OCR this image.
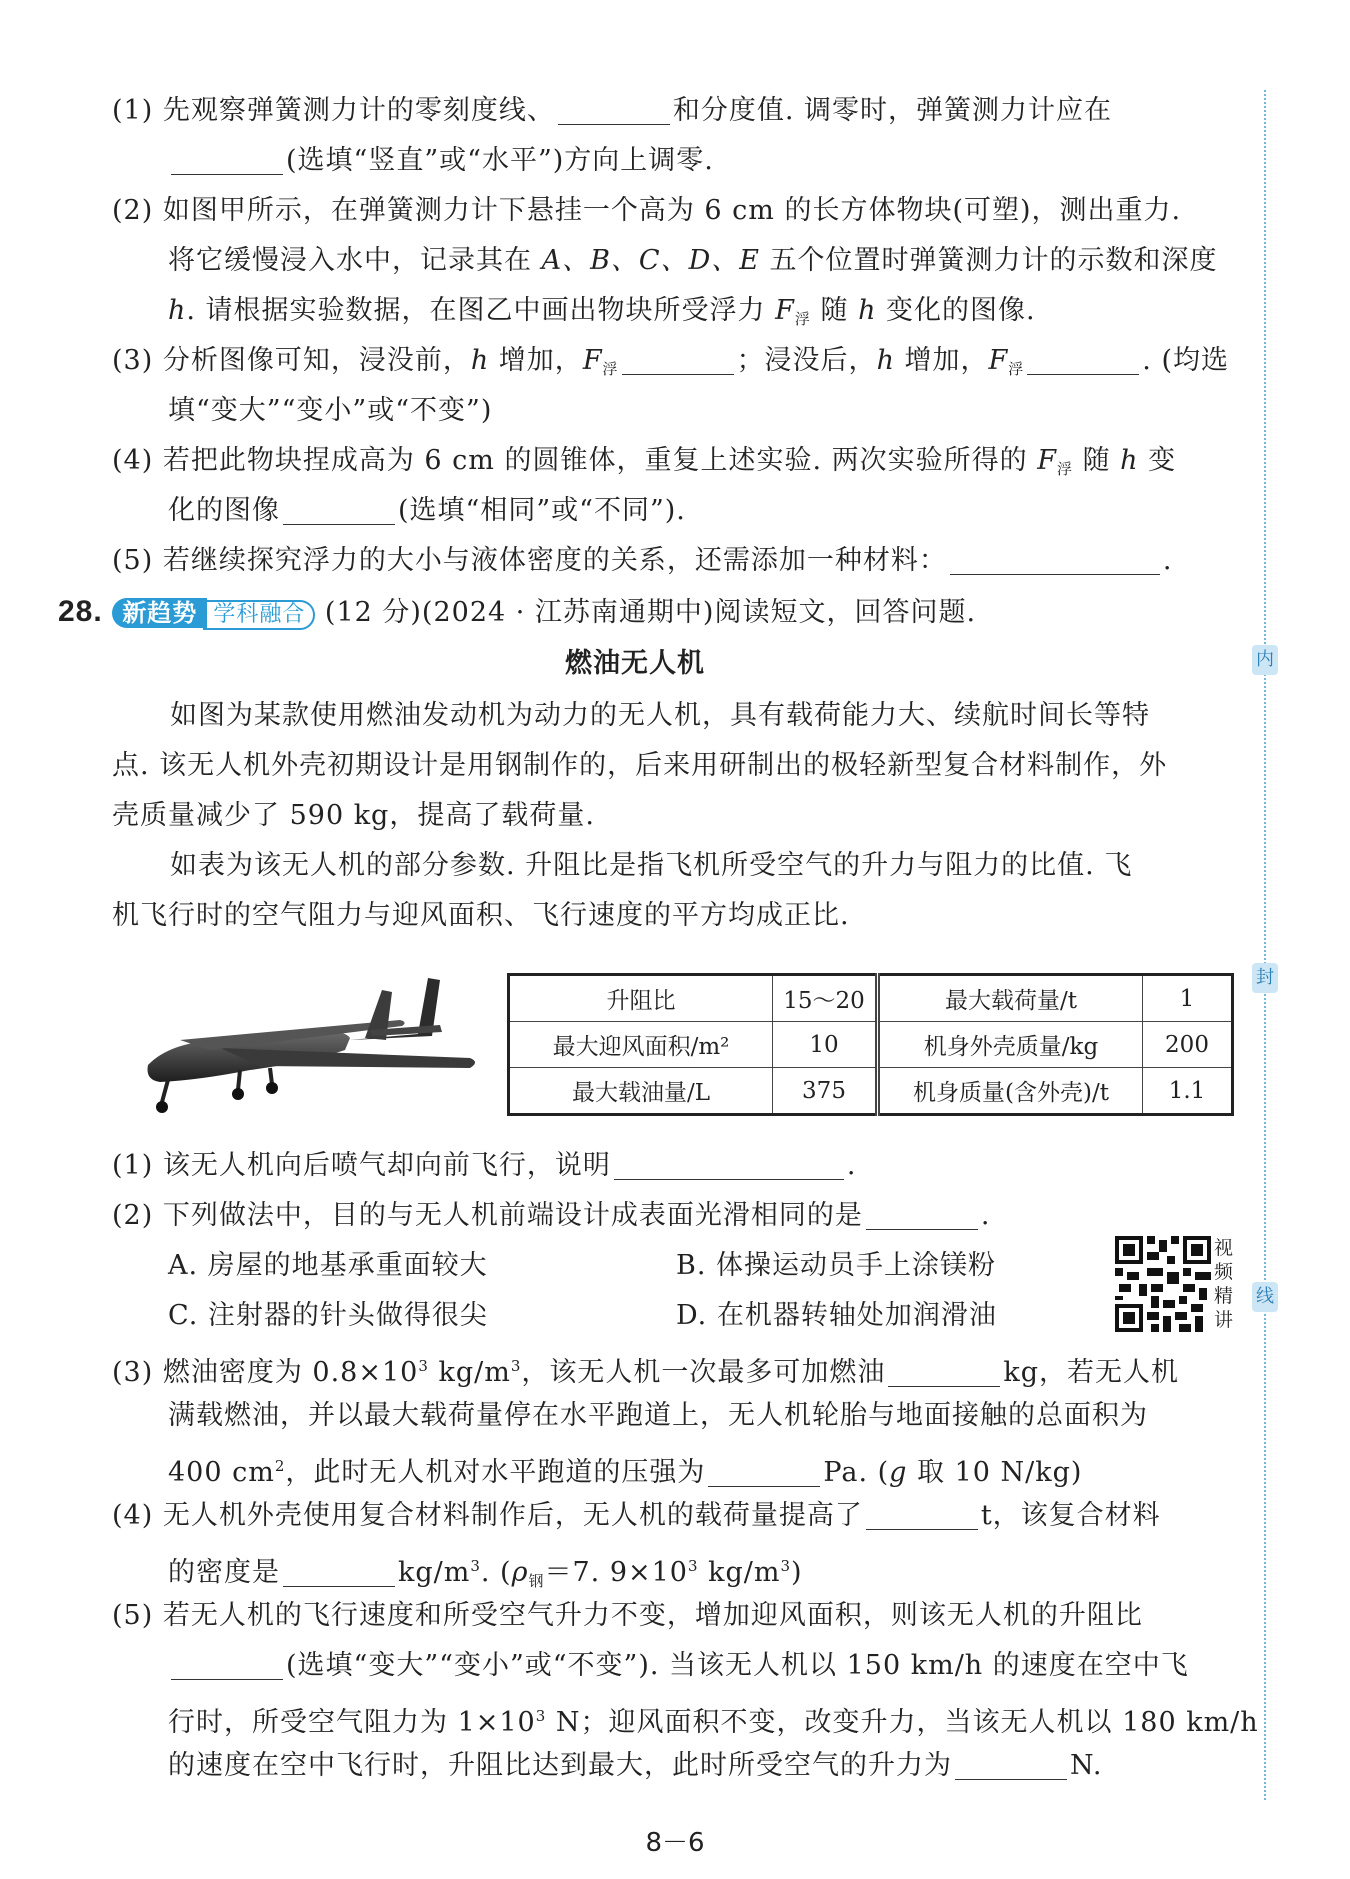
内
封
线
(1) 先观察弹簧测力计的零刻度线、	和分度值. 调零时，弹簧测力计应在
(选填“竖直”或“水平”)方向上调零.
(2) 如图甲所示，在弹簧测力计下悬挂一个高为 6 cm 的长方体物块(可塑)，测出重力.
将它缓慢浸入水中，记录其在 A、B、C、D、E 五个位置时弹簧测力计的示数和深度
h. 请根据实验数据，在图乙中画出物块所受浮力 $F_浮$ 随 h 变化的图像.
(3) 分析图像可知，浸没前，h 增加，$F_浮$	；浸没后，h 增加，$F_浮$	. (均选
填“变大”“变小”或“不变”)
(4) 若把此物块捏成高为 6 cm 的圆锥体，重复上述实验. 两次实验所得的 $F_浮$ 随 h 变
化的图像	(选填“相同”或“不同”).
(5) 若继续探究浮力的大小与液体密度的关系，还需添加一种材料：	.
28. 新趋势 学科融合 (12 分)(2024 · 江苏南通期中)阅读短文，回答问题.
燃油无人机
如图为某款使用燃油发动机为动力的无人机，具有载荷能力大、续航时间长等特
点. 该无人机外壳初期设计是用钢制作的，后来用研制出的极轻新型复合材料制作，外
壳质量减少了 590 kg，提高了载荷量.
如表为该无人机的部分参数. 升阻比是指飞机所受空气的升力与阻力的比值. 飞
机飞行时的空气阻力与迎风面积、飞行速度的平方均成正比.
升阻比	15～20	最大载荷量/t	1
最大迎风面积/m²	10	机身外壳质量/kg	200
最大载油量/L	375	机身质量(含外壳)/t	1.1
(1) 该无人机向后喷气却向前飞行，说明	.
(2) 下列做法中，目的与无人机前端设计成表面光滑相同的是	.
A. 房屋的地基承重面较大	B. 体操运动员手上涂镁粉
C. 注射器的针头做得很尖	D. 在机器转轴处加润滑油
视频精讲
(3) 燃油密度为 $0.8\times 10^3$ $kg/m^3$，该无人机一次最多可加燃油	kg，若无人机
满载燃油，并以最大载荷量停在水平跑道上，无人机轮胎与地面接触的总面积为
400 $cm^2$，此时无人机对水平跑道的压强为	Pa. (g 取 10 N/kg)
(4) 无人机外壳使用复合材料制作后，无人机的载荷量提高了	t，该复合材料
的密度是	$kg/m^3$. ($\rho_钢=7$. $9\times 10^3$ $kg/m^3$)
(5) 若无人机的飞行速度和所受空气升力不变，增加迎风面积，则该无人机的升阻比
(选填“变大”“变小”或“不变”). 当该无人机以 150 km/h 的速度在空中飞
行时，所受空气阻力为 $1\times 10^3$ N；迎风面积不变，改变升力，当该无人机以 180 km/h
的速度在空中飞行时，升阻比达到最大，此时所受空气的升力为	N.
8－6
